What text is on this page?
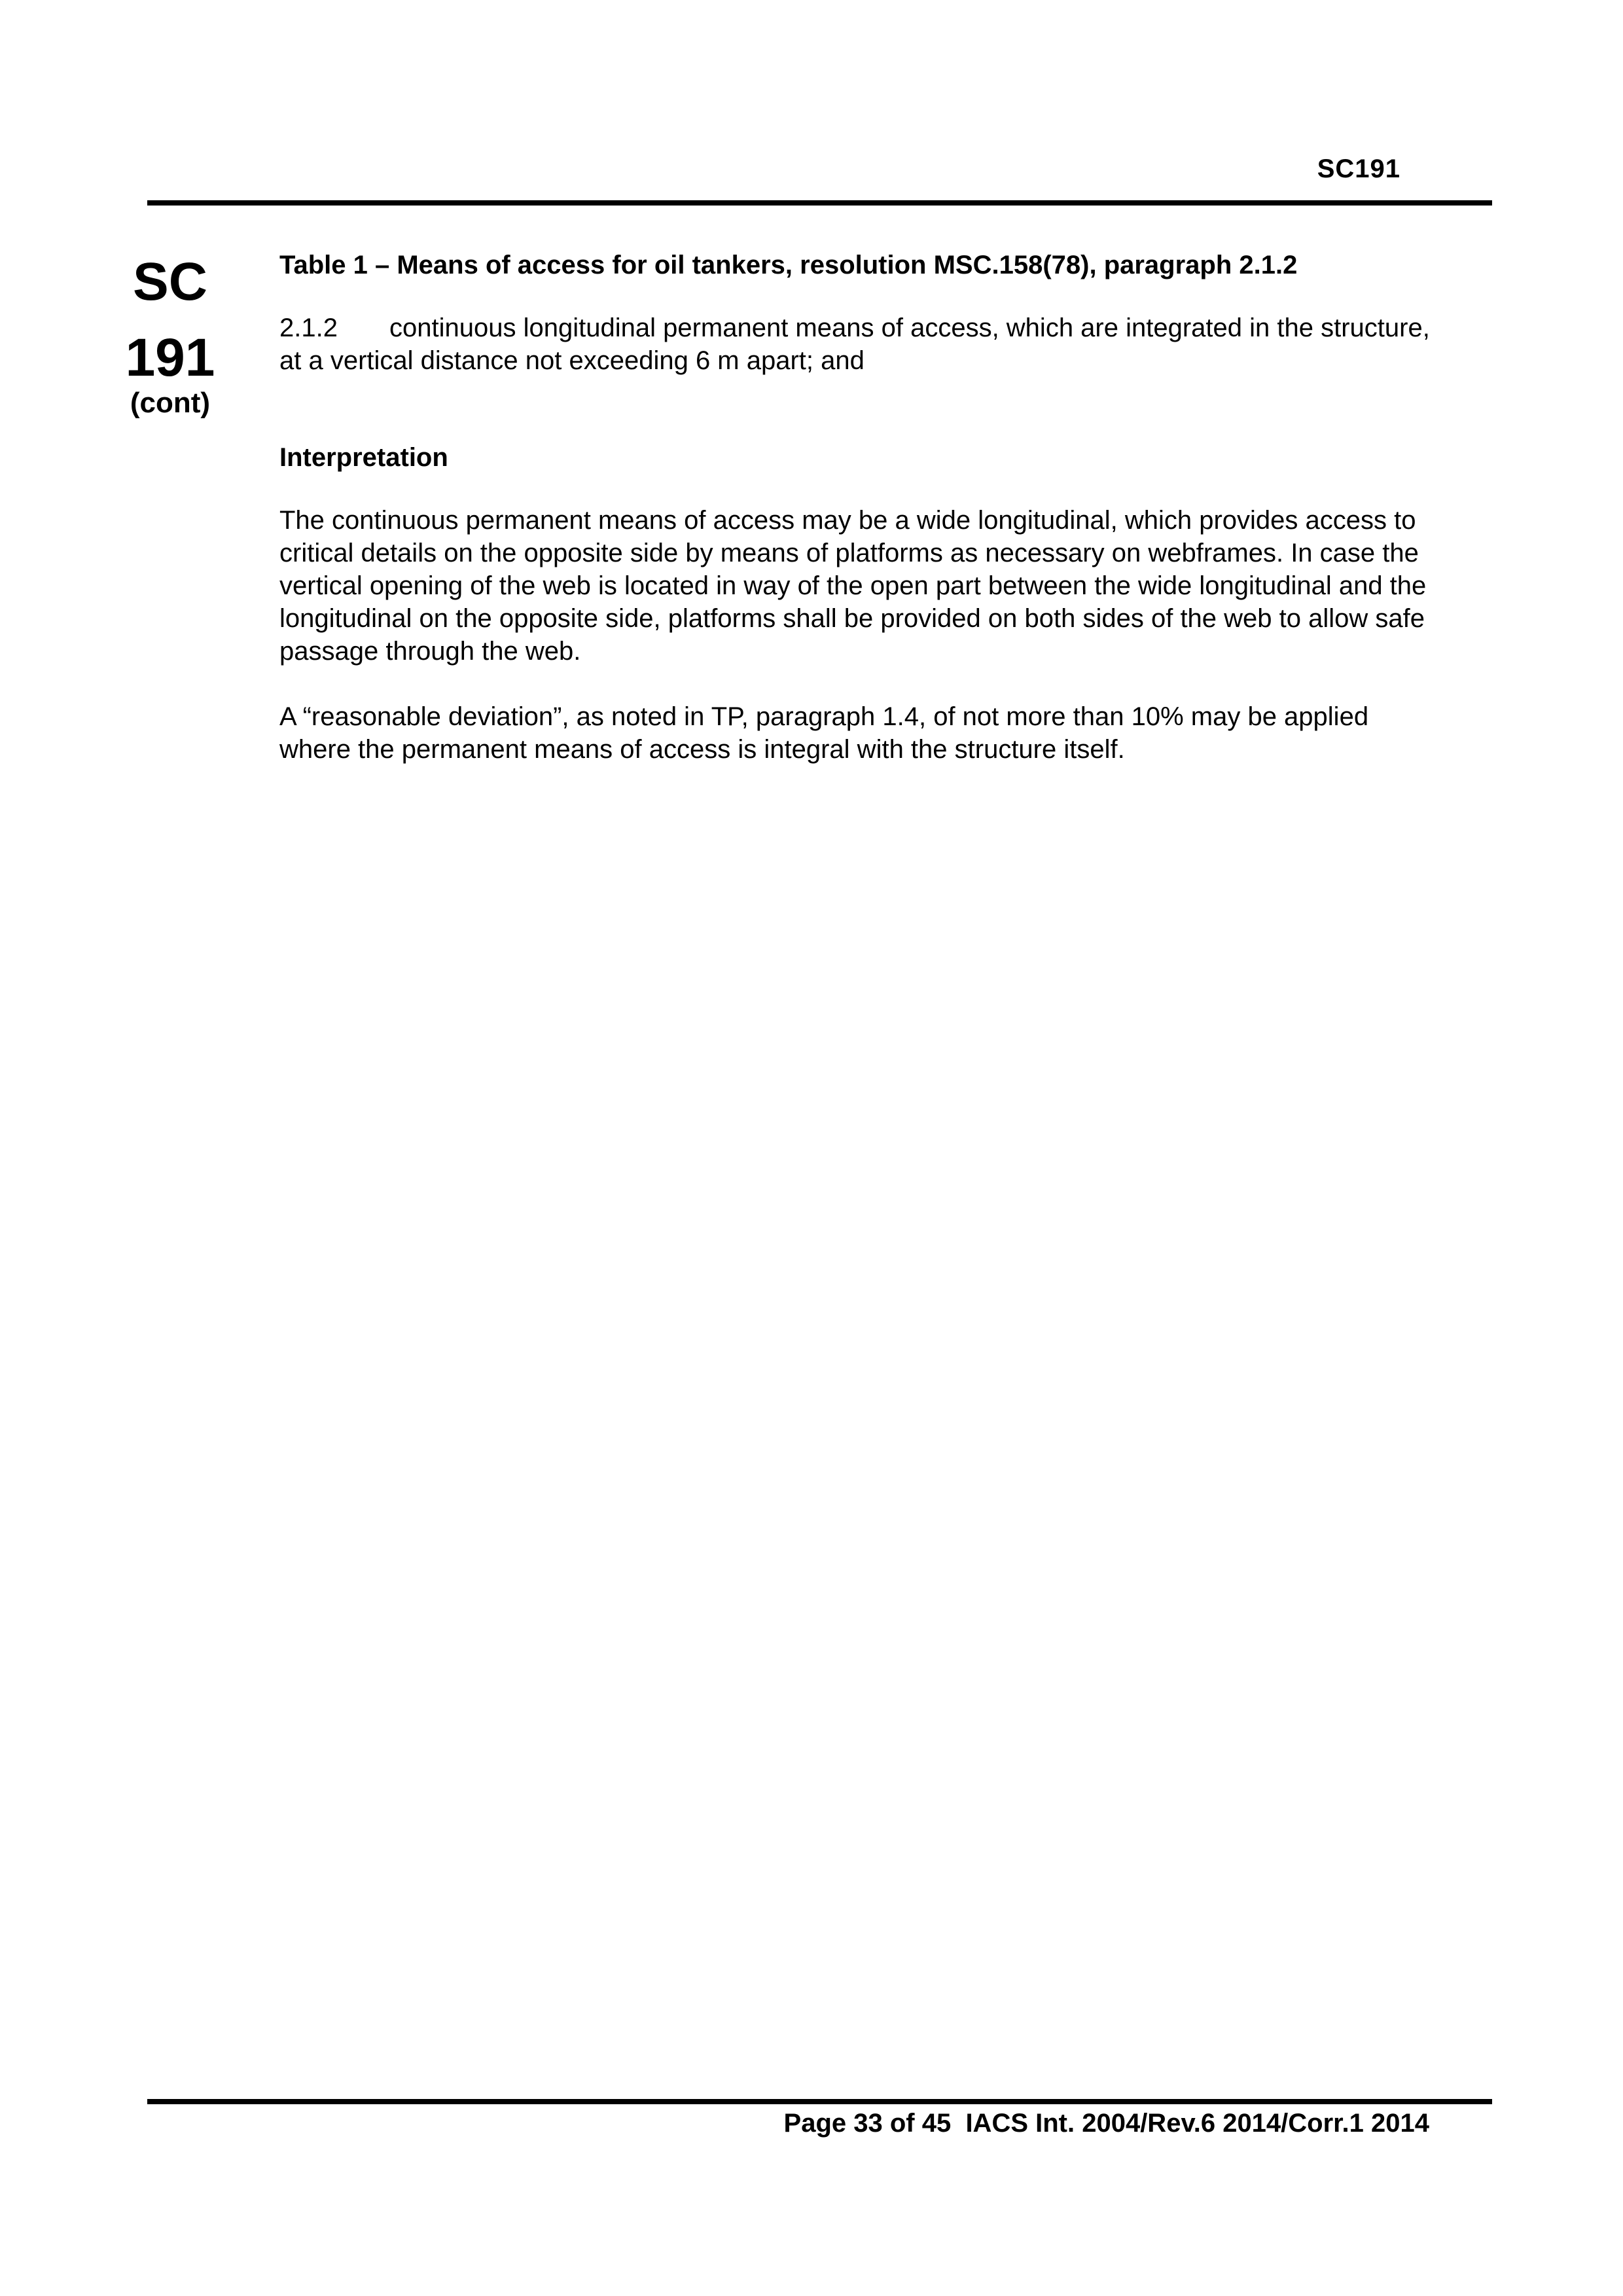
SC191
SC
191
(cont)

Table 1 – Means of access for oil tankers, resolution MSC.158(78), paragraph 2.1.2

2.1.2 continuous longitudinal permanent means of access, which are integrated in the structure, at a vertical distance not exceeding 6 m apart; and

Interpretation

The continuous permanent means of access may be a wide longitudinal, which provides access to critical details on the opposite side by means of platforms as necessary on webframes. In case the vertical opening of the web is located in way of the open part between the wide longitudinal and the longitudinal on the opposite side, platforms shall be provided on both sides of the web to allow safe passage through the web.

A “reasonable deviation”, as noted in TP, paragraph 1.4, of not more than 10% may be applied where the permanent means of access is integral with the structure itself.

Page 33 of 45 IACS Int. 2004/Rev.6 2014/Corr.1 2014
